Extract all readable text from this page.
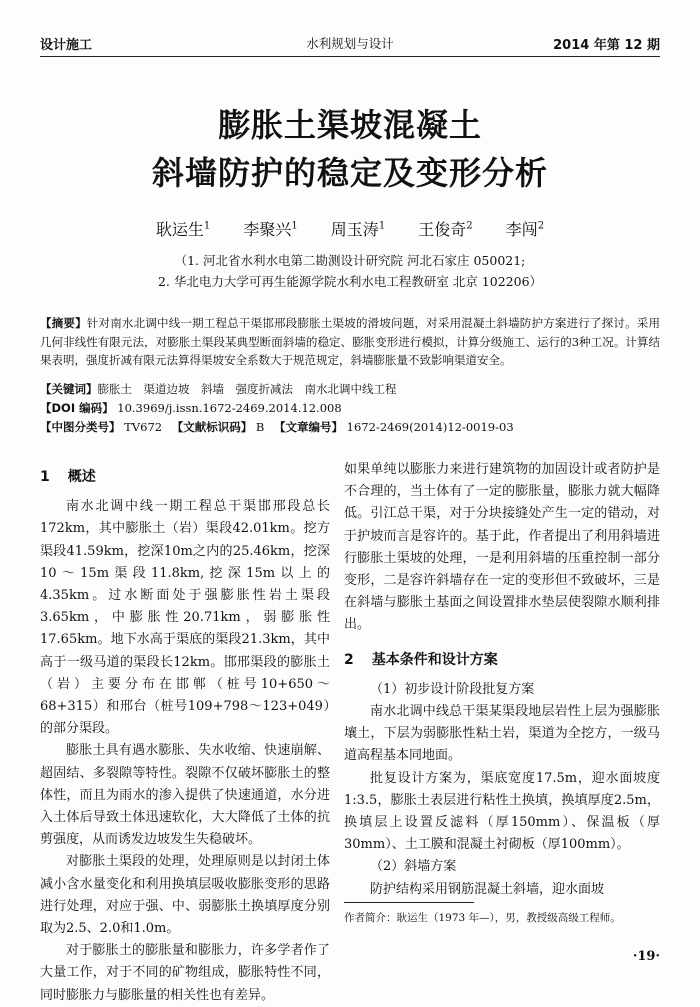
设计施工	水利规划与设计	2014 年第 12 期
膨胀土渠坡混凝土
斜墙防护的稳定及变形分析
耿运生$^1$ 李聚兴$^1$ 周玉涛$^1$ 王俊奇$^2$ 李闯$^2$
（1. 河北省水利水电第二勘测设计研究院 河北石家庄 050021;
2. 华北电力大学可再生能源学院水利水电工程教研室 北京 102206）
【摘要】针对南水北调中线一期工程总干渠邯邢段膨胀土渠坡的滑坡问题，对采用混凝土斜墙防护方案进行了探讨。采用几何非线性有限元法，对膨胀土渠段某典型断面斜墙的稳定、膨胀变形进行模拟，计算分级施工、运行的3种工况。计算结果表明，强度折减有限元法算得渠坡安全系数大于规范规定，斜墙膨胀量不致影响渠道安全。
【关键词】膨胀土　渠道边坡　斜墙　强度折减法　南水北调中线工程
【DOI 编码】 10.3969/j.issn.1672-2469.2014.12.008
【中图分类号】 TV672 【文献标识码】 B 【文章编号】 1672-2469(2014)12-0019-03
1 概述

南水北调中线一期工程总干渠邯邢段总长172km，其中膨胀土（岩）渠段42.01km。挖方渠段41.59km，挖深10m之内的25.46km，挖深10～15m渠段11.8km,挖深15m以上的4.35km。过水断面处于强膨胀性岩土渠段3.65km，中膨胀性20.71km，弱膨胀性17.65km。地下水高于渠底的渠段21.3km，其中高于一级马道的渠段长12km。邯邢渠段的膨胀土（岩）主要分布在邯郸（桩号10+650～68+315）和邢台（桩号109+798～123+049）的部分渠段。

膨胀土具有遇水膨胀、失水收缩、快速崩解、超固结、多裂隙等特性。裂隙不仅破坏膨胀土的整体性，而且为雨水的渗入提供了快速通道，水分进入土体后导致土体迅速软化，大大降低了土体的抗剪强度，从而诱发边坡发生失稳破坏。

对膨胀土渠段的处理，处理原则是以封闭土体减小含水量变化和利用换填层吸收膨胀变形的思路进行处理，对应于强、中、弱膨胀土换填厚度分别取为2.5、2.0和1.0m。

对于膨胀土的膨胀量和膨胀力，许多学者作了大量工作，对于不同的矿物组成，膨胀特性不同，同时膨胀力与膨胀量的相关性也有差异。

如果单纯以膨胀力来进行建筑物的加固设计或者防护是不合理的，当土体有了一定的膨胀量，膨胀力就大幅降低。引江总干渠，对于分块接缝处产生一定的错动，对于护坡而言是容许的。基于此，作者提出了利用斜墙进行膨胀土渠坡的处理，一是利用斜墙的压重控制一部分变形，二是容许斜墙存在一定的变形但不致破坏，三是在斜墙与膨胀土基面之间设置排水垫层使裂隙水顺利排出。

2 基本条件和设计方案

（1）初步设计阶段批复方案

南水北调中线总干渠某渠段地层岩性上层为强膨胀壤土，下层为弱膨胀性粘土岩，渠道为全挖方，一级马道高程基本同地面。

批复设计方案为，渠底宽度17.5m，迎水面坡度1:3.5，膨胀土表层进行粘性土换填，换填厚度2.5m，换填层上设置反滤料（厚150mm）、保温板（厚30mm）、土工膜和混凝土衬砌板（厚100mm）。

（2）斜墙方案

防护结构采用钢筋混凝土斜墙，迎水面坡

作者简介：耿运生（1973 年—），男，教授级高级工程师。
·19·
